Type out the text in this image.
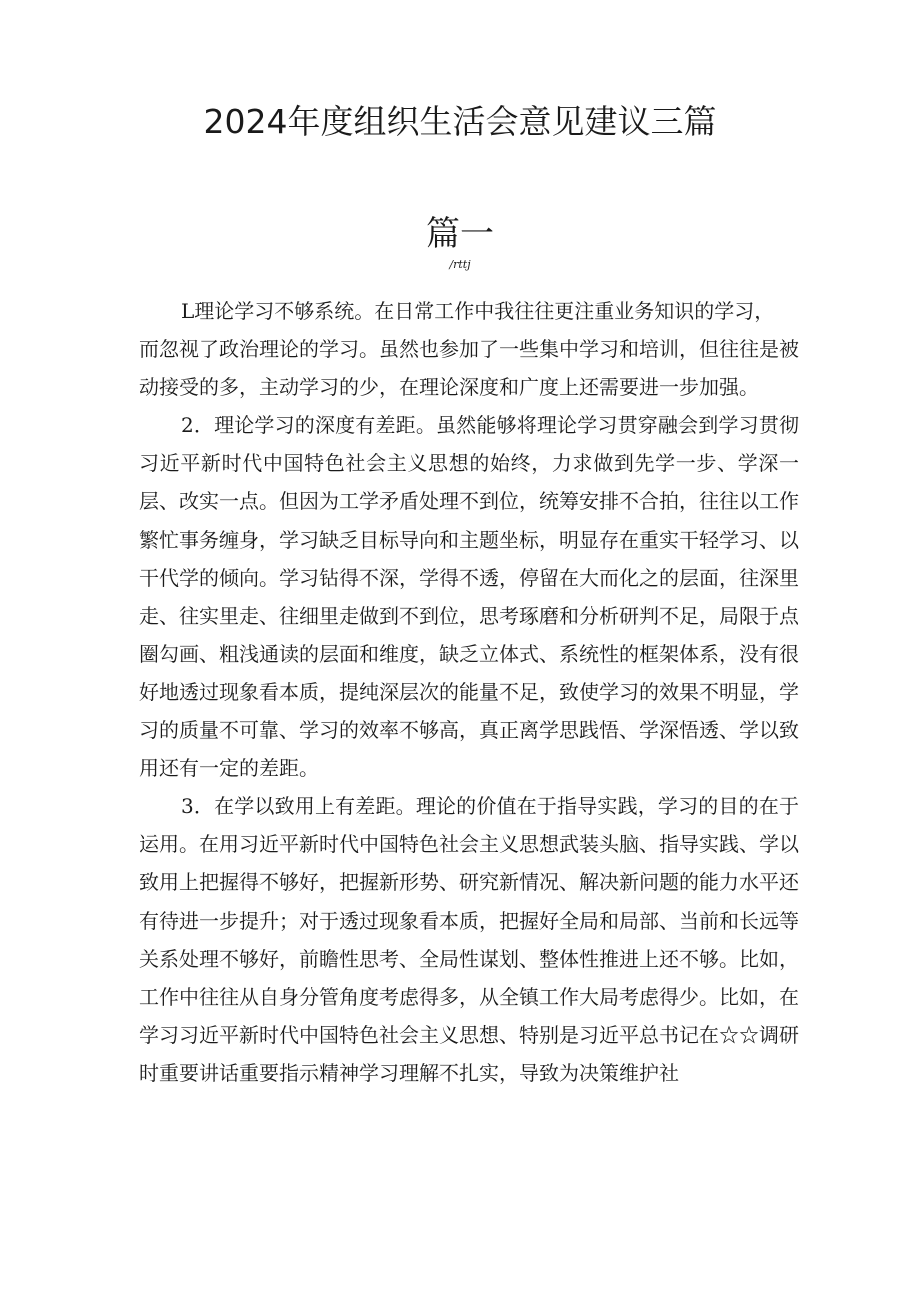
2024年度组织生活会意见建议三篇
篇一
/rttj

L理论学习不够系统。在日常工作中我往往更注重业务知识的学习，

而忽视了政治理论的学习。虽然也参加了一些集中学习和培训，但往往是被动接受的多，主动学习的少，在理论深度和广度上还需要进一步加强。

2．理论学习的深度有差距。虽然能够将理论学习贯穿融会到学习贯彻习近平新时代中国特色社会主义思想的始终，力求做到先学一步、学深一层、改实一点。但因为工学矛盾处理不到位，统筹安排不合拍，往往以工作繁忙事务缠身，学习缺乏目标导向和主题坐标，明显存在重实干轻学习、以干代学的倾向。学习钻得不深，学得不透，停留在大而化之的层面，往深里走、往实里走、往细里走做到不到位，思考琢磨和分析研判不足，局限于点圈勾画、粗浅通读的层面和维度，缺乏立体式、系统性的框架体系，没有很好地透过现象看本质，提纯深层次的能量不足，致使学习的效果不明显，学习的质量不可靠、学习的效率不够高，真正离学思践悟、学深悟透、学以致用还有一定的差距。

3．在学以致用上有差距。理论的价值在于指导实践，学习的目的在于运用。在用习近平新时代中国特色社会主义思想武装头脑、指导实践、学以致用上把握得不够好，把握新形势、研究新情况、解决新问题的能力水平还有待进一步提升；对于透过现象看本质，把握好全局和局部、当前和长远等关系处理不够好，前瞻性思考、全局性谋划、整体性推进上还不够。比如，工作中往往从自身分管角度考虑得多，从全镇工作大局考虑得少。比如，在学习习近平新时代中国特色社会主义思想、特别是习近平总书记在☆☆调研时重要讲话重要指示精神学习理解不扎实，导致为决策维护社
